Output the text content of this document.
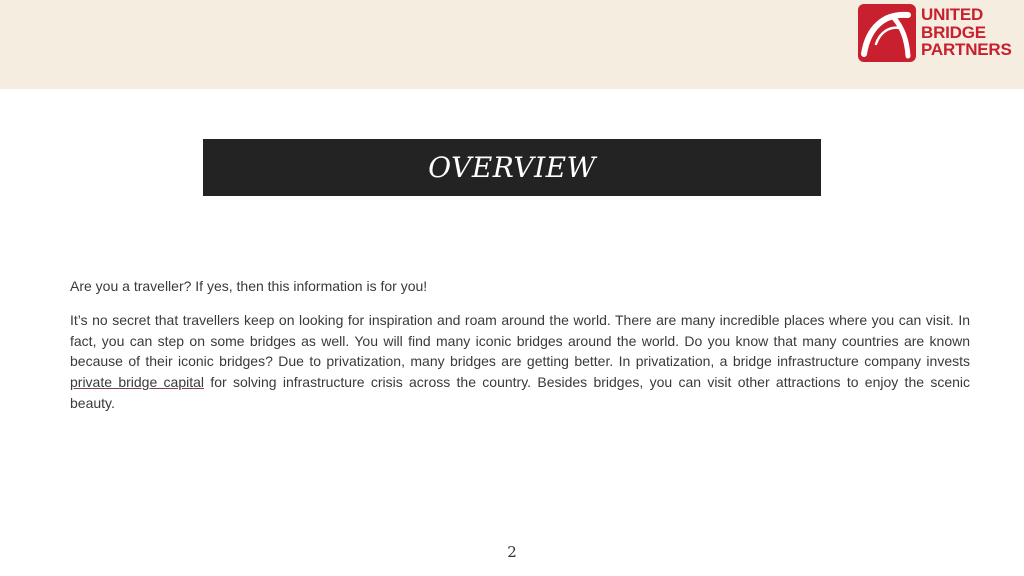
UNITED
BRIDGE
PARTNERS
OVERVIEW

Are you a traveller? If yes, then this information is for you!

It’s no secret that travellers keep on looking for inspiration and roam around the world. There are many incredible places where you can visit. In fact, you can step on some bridges as well. You will find many iconic bridges around the world. Do you know that many countries are known because of their iconic bridges? Due to privatization, many bridges are getting better. In privatization, a bridge infrastructure company invests private bridge capital for solving infrastructure crisis across the country. Besides bridges, you can visit other attractions to enjoy the scenic beauty.

2
